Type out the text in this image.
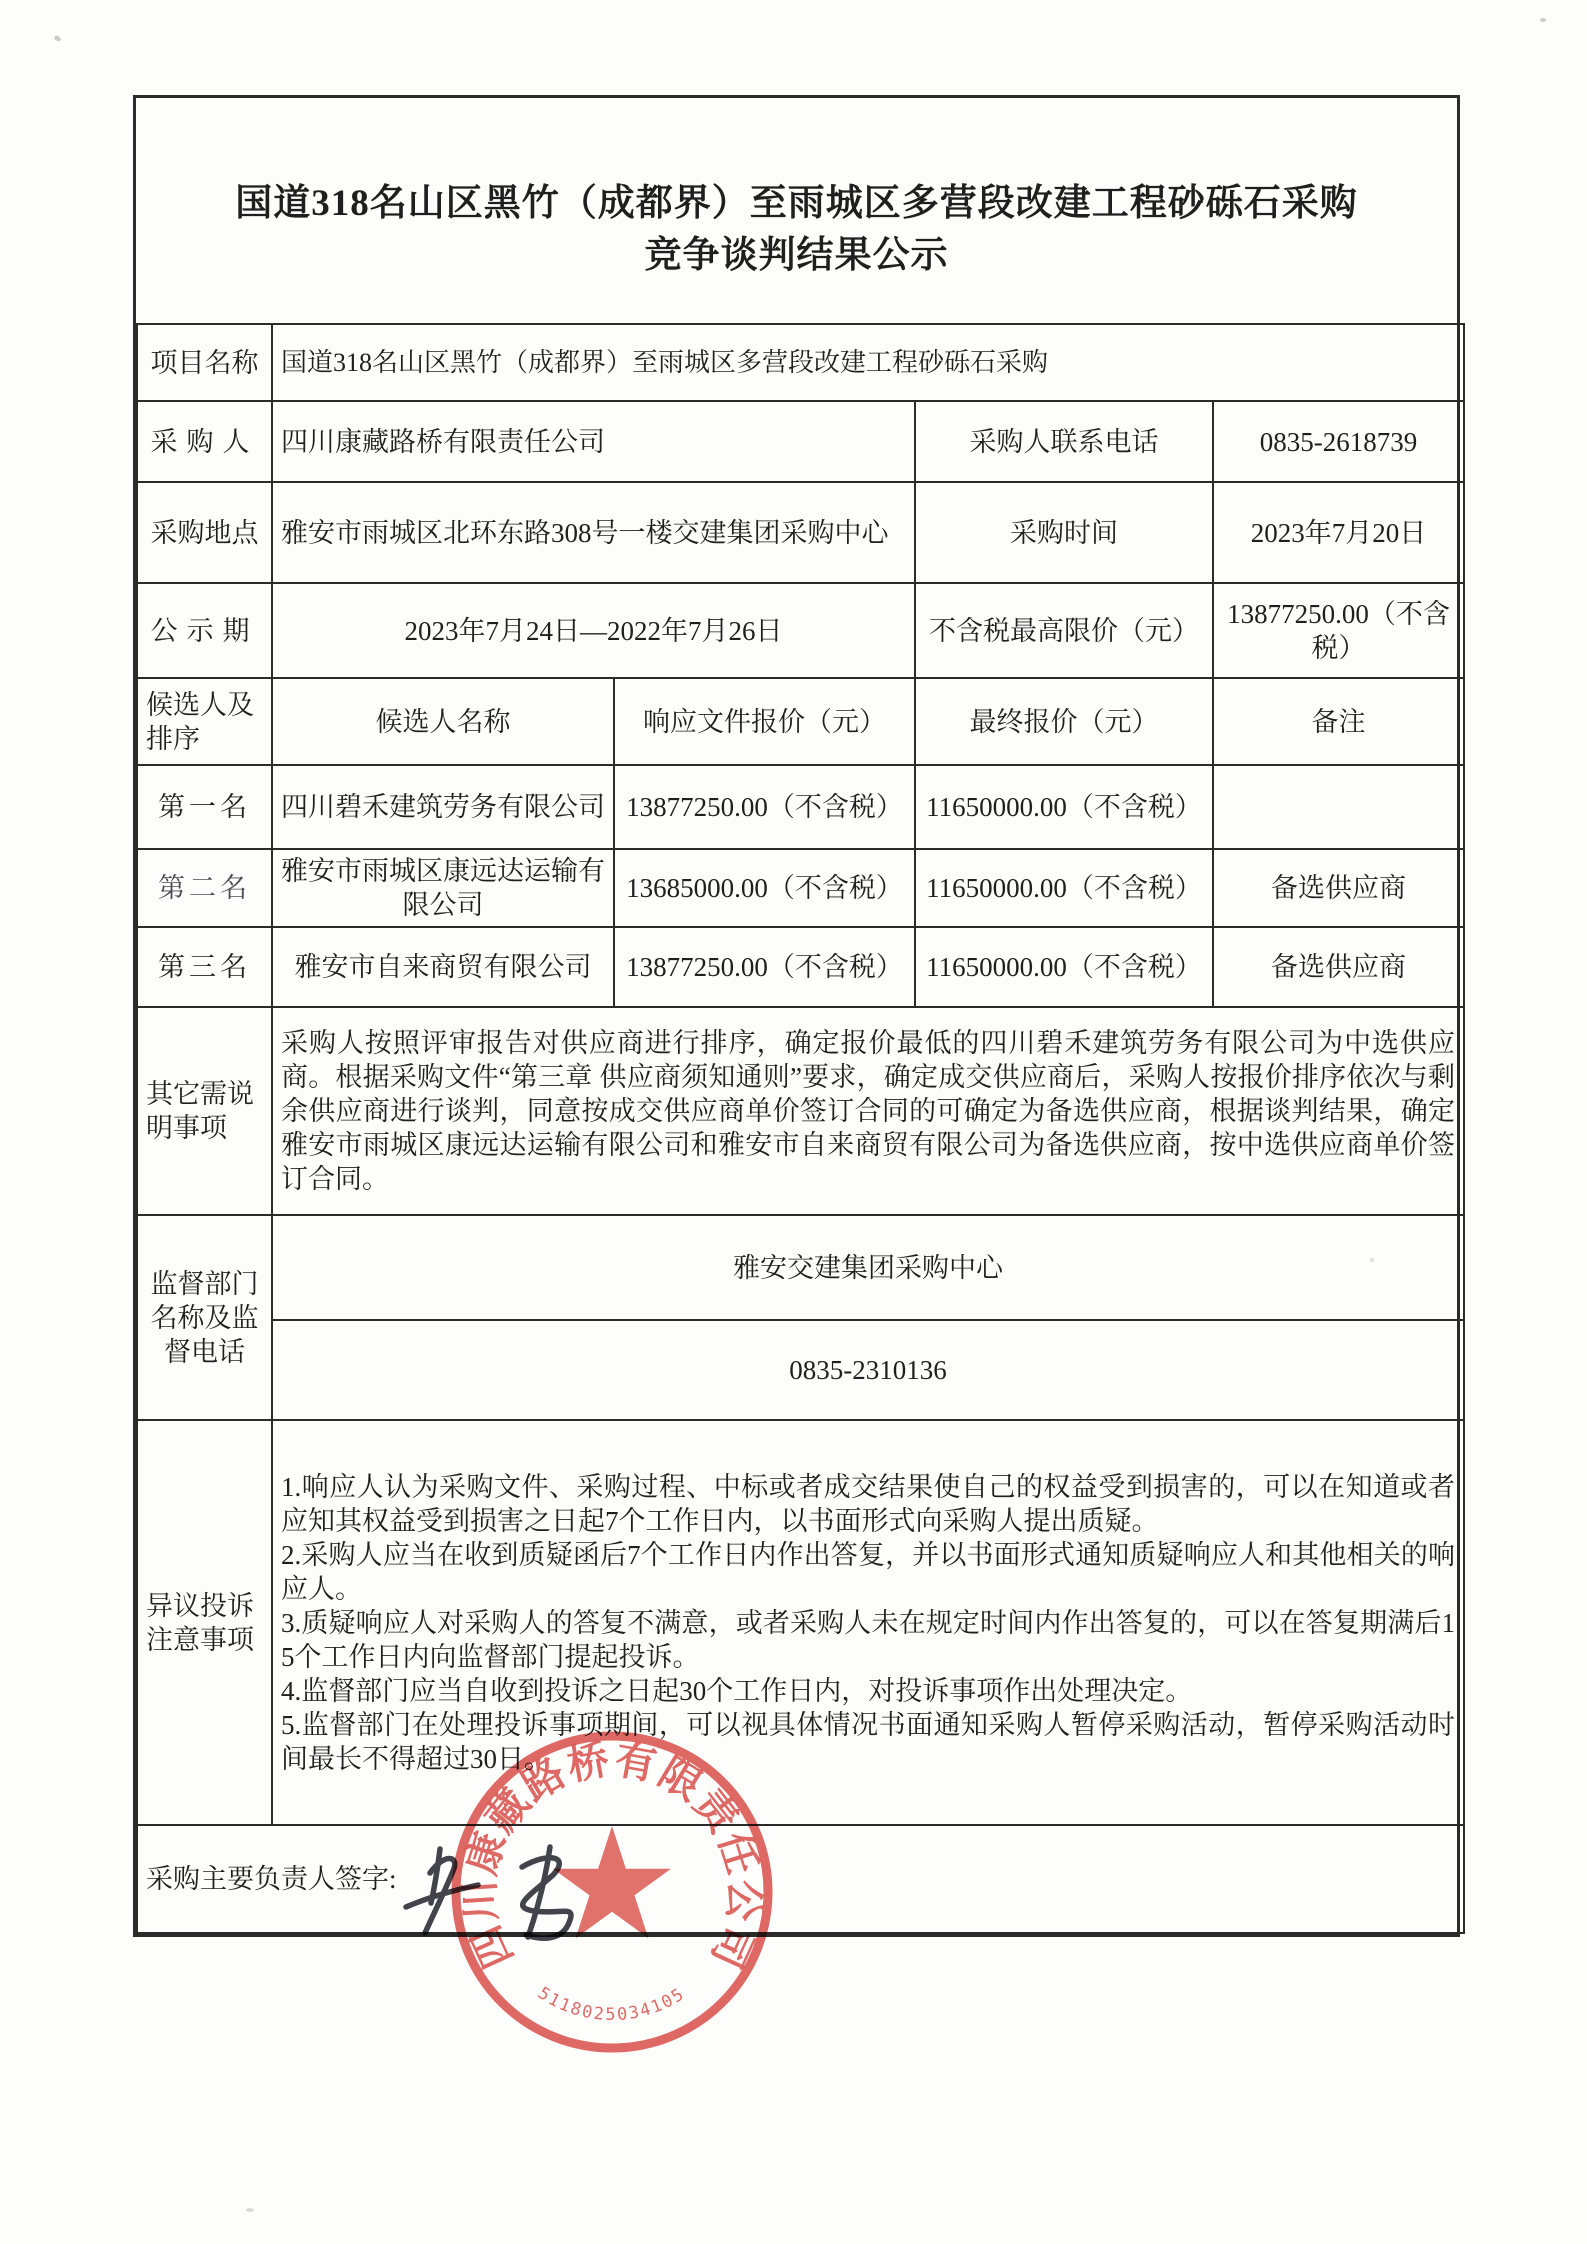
国道318名山区黑竹（成都界）至雨城区多营段改建工程砂砾石采购
竞争谈判结果公示
项目名称	国道318名山区黑竹（成都界）至雨城区多营段改建工程砂砾石采购			
采购人	四川康藏路桥有限责任公司		采购人联系电话	0835-2618739
采购地点	雅安市雨城区北环东路308号一楼交建集团采购中心		采购时间	2023年7月20日
公示期	2023年7月24日—2022年7月26日		不含税最高限价（元）	13877250.00（不含税）
候选人及排序	候选人名称	响应文件报价（元）	最终报价（元）	备注
第一名	四川碧禾建筑劳务有限公司	13877250.00（不含税）	11650000.00（不含税）	
第二名	雅安市雨城区康远达运输有限公司	13685000.00（不含税）	11650000.00（不含税）	备选供应商
第三名	雅安市自来商贸有限公司	13877250.00（不含税）	11650000.00（不含税）	备选供应商
其它需说明事项	采购人按照评审报告对供应商进行排序，确定报价最低的四川碧禾建筑劳务有限公司为中选供应商。根据采购文件“第三章 供应商须知通则”要求，确定成交供应商后，采购人按报价排序依次与剩余供应商进行谈判，同意按成交供应商单价签订合同的可确定为备选供应商，根据谈判结果，确定雅安市雨城区康远达运输有限公司和雅安市自来商贸有限公司为备选供应商，按中选供应商单价签订合同。			
监督部门名称及监督电话	雅安交建集团采购中心			
	0835-2310136			
异议投诉注意事项	1.响应人认为采购文件、采购过程、中标或者成交结果使自己的权益受到损害的，可以在知道或者应知其权益受到损害之日起7个工作日内，以书面形式向采购人提出质疑。

2.采购人应当在收到质疑函后7个工作日内作出答复，并以书面形式通知质疑响应人和其他相关的响应人。

3.质疑响应人对采购人的答复不满意，或者采购人未在规定时间内作出答复的，可以在答复期满后15个工作日内向监督部门提起投诉。

4.监督部门应当自收到投诉之日起30个工作日内，对投诉事项作出处理决定。

5.监督部门在处理投诉事项期间，可以视具体情况书面通知采购人暂停采购活动，暂停采购活动时间最长不得超过30日。			

采购主要负责人签字:				
四川康藏路桥有限责任公司
5118025034105
